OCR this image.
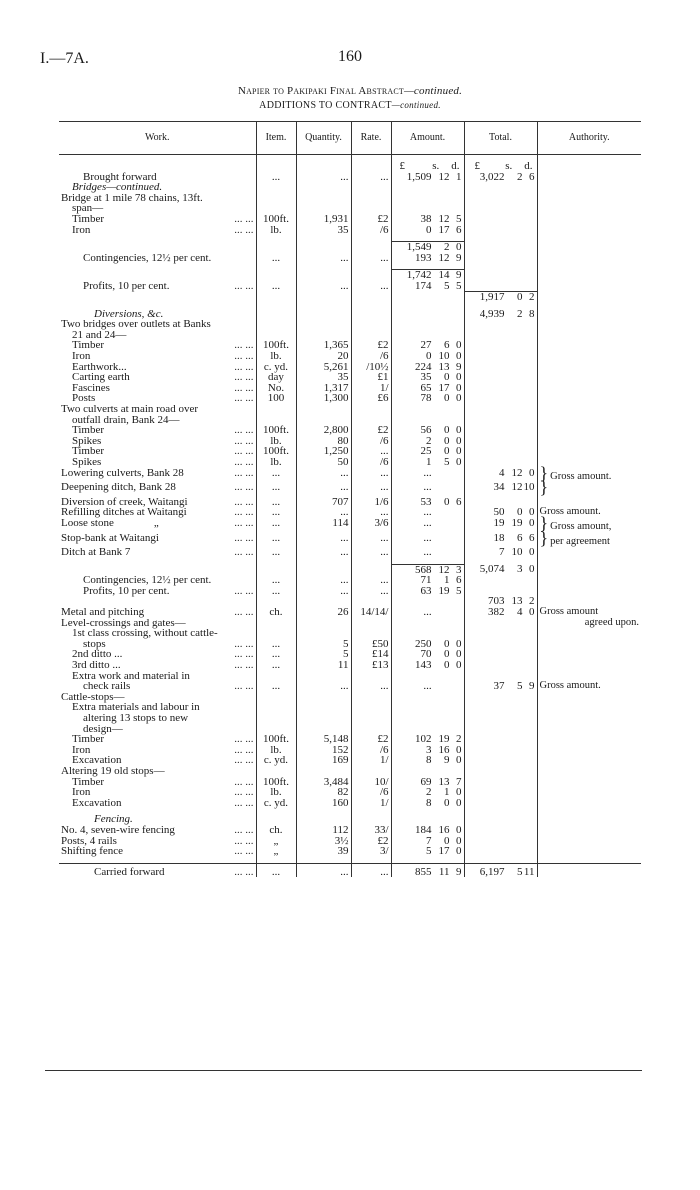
I.—7A.	160
Napier to Pakipaki Final Abstract—continued.
ADDITIONS TO CONTRACT—continued.
Work.	Item.	Quantity.	Rate.	Amount.	Total.	Authority.

				£ s. d.	£ s. d.	

Brought forward	...	...	...	1,509 12 1	3,022 2 6	

Bridges—continued.						

Bridge at 1 mile 78 chains, 13ft.						

span—						

Timber ... ...	100ft.	1,931	£2	38 12 5		

Iron ... ...	lb.	35	/6	0 17 6		

				1,549 2 0		

Contingencies, 12½ per cent.	...	...	...	193 12 9		

				1,742 14 9		

Profits, 10 per cent. ... ...	...	...	...	174 5 5		

					1,917 0 2	

Diversions, &c.					4,939 2 8	

Two bridges over outlets at Banks						

21 and 24—						

Timber ... ...	100ft.	1,365	£2	27 6 0		

Iron ... ...	lb.	20	/6	0 10 0		

Earthwork... ... ...	c. yd.	5,261	/10½	224 13 9		

Carting earth ... ...	day	35	£1	35 0 0		

Fascines ... ...	No.	1,317	1/	65 17 0		

Posts ... ...	100	1,300	£6	78 0 0		

Two culverts at main road over						

outfall drain, Bank 24—						

Timber ... ...	100ft.	2,800	£2	56 0 0		

Spikes ... ...	lb.	80	/6	2 0 0		

Timber ... ...	100ft.	1,250	...	25 0 0		

Spikes ... ...	lb.	50	/6	1 5 0		

Lowering culverts, Bank 28 ... ...	...	...	...	...	4 12 0	} Gross amount.

Deepening ditch, Bank 28 ... ...	...	...	...	...	34 12 10	}

Diversion of creek, Waitangi ... ...	...	707	1/6	53 0 6		

Refilling ditches at Waitangi ... ...	...	...	...	...	50 0 0	Gross amount.

Loose stone „ ... ...	...	114	3/6	...	19 19 0	} Gross amount,

Stop-bank at Waitangi ... ...	...	...	...	...	18 6 6	} per agreement

Ditch at Bank 7 ... ...	...	...	...	...	7 10 0	

				568 12 3	5,074 3 0	

Contingencies, 12½ per cent.	...	...	...	71 1 6		

Profits, 10 per cent. ... ...	...	...	...	63 19 5		

					703 13 2	

Metal and pitching ... ...	ch.	26	14/14/	...	382 4 0	Gross amount

Level-crossings and gates—						agreed upon.

1st class crossing, without cattle-						

stops ... ...	...	5	£50	250 0 0		

2nd ditto ... ... ...	...	5	£14	70 0 0		

3rd ditto ... ... ...	...	11	£13	143 0 0		

Extra work and material in						

check rails ... ...	...	...	...	...	37 5 9	Gross amount.

Cattle-stops—						

Extra materials and labour in						

altering 13 stops to new						

design—						

Timber ... ...	100ft.	5,148	£2	102 19 2		

Iron ... ...	lb.	152	/6	3 16 0		

Excavation ... ...	c. yd.	169	1/	8 9 0		

Altering 19 old stops—						

Timber ... ...	100ft.	3,484	10/	69 13 7		

Iron ... ...	lb.	82	/6	2 1 0		

Excavation ... ...	c. yd.	160	1/	8 0 0		

Fencing.						

No. 4, seven-wire fencing ... ...	ch.	112	33/	184 16 0		

Posts, 4 rails ... ...	„	3½	£2	7 0 0		

Shifting fence ... ...	„	39	3/	5 17 0		

Carried forward ... ...	...	...	...	855 11 9	6,197 5 11	
